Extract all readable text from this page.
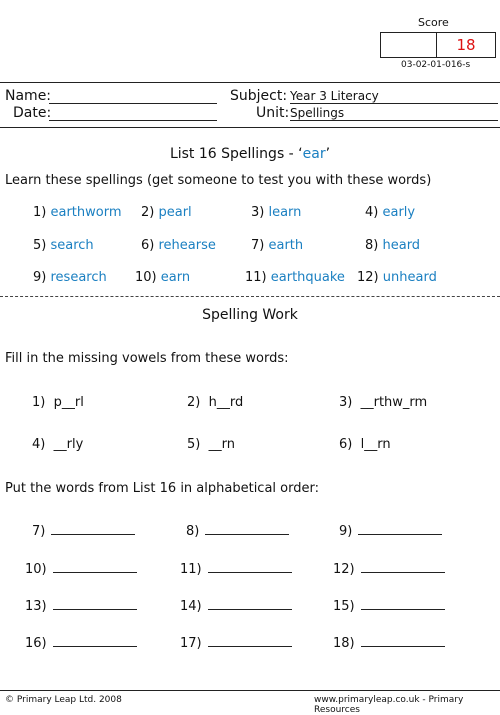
Score
18
03-02-01-016-s
Name:
Date:
Subject: Year 3 Literacy
Unit: Spellings
List 16 Spellings - ‘ear’
Learn these spellings (get someone to test you with these words)
1) earthworm 2) pearl	3) learn	4) early
5) search	6) rehearse	7) earth	8) heard
9) research 10) earn	11) earthquake 12) unheard
Spelling Work
Fill in the missing vowels from these words:
1) p__rl	2) h__rd	3) __rthw_rm
4) __rly	5) __rn	6) l__rn
Put the words from List 16 in alphabetical order:
7)	8)	9)
10)	11)	12)
13)	14)	15)
16)	17)	18)
© Primary Leap Ltd. 2008	www.primaryleap.co.uk - Primary Resources
